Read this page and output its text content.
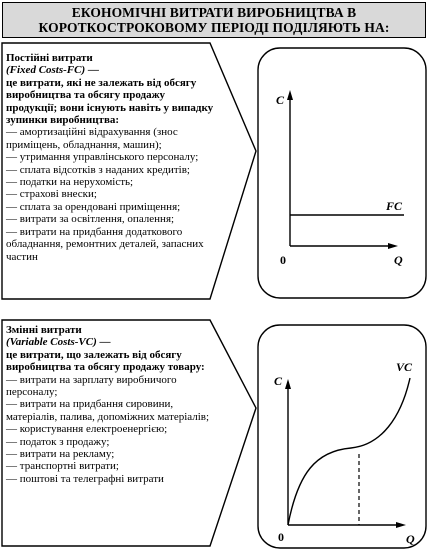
ЕКОНОМІЧНІ ВИТРАТИ ВИРОБНИЦТВА В
КОРОТКОСТРОКОВОМУ ПЕРІОДІ ПОДІЛЯЮТЬ НА:
Постійні витрати
(Fixed Costs-FC) —
це витрати, які не залежать від обсягу виробництва та обсягу продажу продукції; вони існують навіть у випадку зупинки виробництва:
— амортизаційні відрахування (знос приміщень, обладнання, машин);
— утримання управлінського персоналу;
— сплата відсотків з наданих кредитів;
— податки на нерухомість;
— страхові внески;
— сплата за орендовані приміщення;
— витрати за освітлення, опалення;
— витрати на придбання додаткового обладнання, ремонтних деталей, запасних частин
Змінні витрати
(Variable Costs-VC) —
це витрати, що залежать від обсягу виробництва та обсягу продажу товару:
— витрати на зарплату виробничого персоналу;
— витрати на придбання сировини, матеріалів, палива, допоміжних матеріалів;
— користування електроенергією;
— податок з продажу;
— витрати на рекламу;
— транспортні витрати;
— поштові та телеграфні витрати
C
Q
0
FC
C
Q
0
VC
